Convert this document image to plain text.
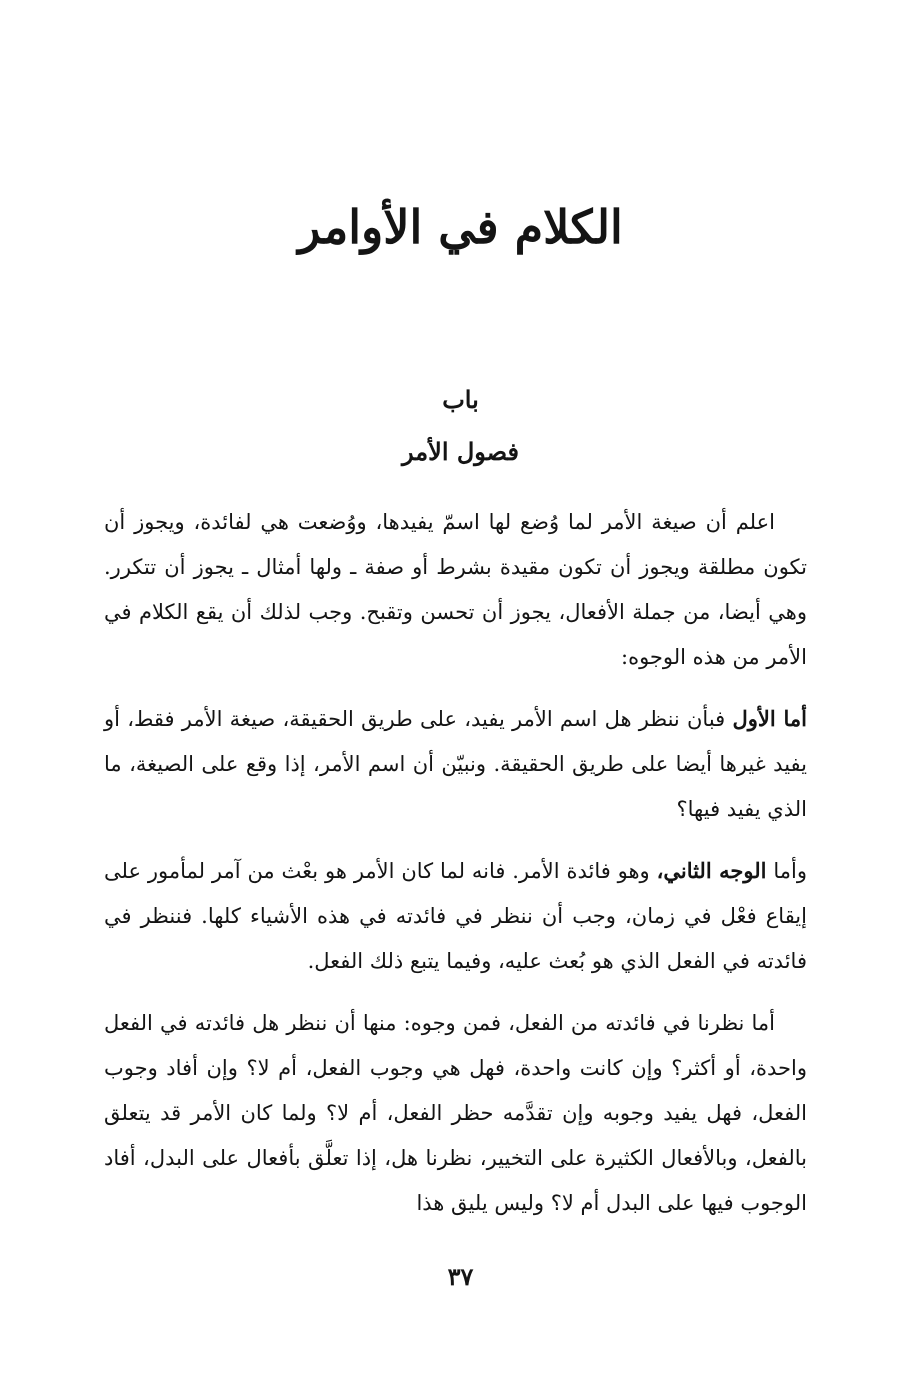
الكلام في الأوامر
باب
فصول الأمر

اعلم أن صيغة الأمر لما وُضع لها اسمّ يفيدها، ووُضعت هي لفائدة، ويجوز أن تكون مطلقة ويجوز أن تكون مقيدة بشرط أو صفة ـ ولها أمثال ـ يجوز أن تتكرر. وهي أيضا، من جملة الأفعال، يجوز أن تحسن وتقبح. وجب لذلك أن يقع الكلام في الأمر من هذه الوجوه:

أما الأول فبأن ننظر هل اسم الأمر يفيد، على طريق الحقيقة، صيغة الأمر فقط، أو يفيد غيرها أيضا على طريق الحقيقة. ونبيّن أن اسم الأمر، إذا وقع على الصيغة، ما الذي يفيد فيها؟

وأما الوجه الثاني، وهو فائدة الأمر. فانه لما كان الأمر هو بعْث من آمر لمأمور على إيقاع فعْل في زمان، وجب أن ننظر في فائدته في هذه الأشياء كلها. فننظر في فائدته في الفعل الذي هو بُعث عليه، وفيما يتبع ذلك الفعل.

أما نظرنا في فائدته من الفعل، فمن وجوه: منها أن ننظر هل فائدته في الفعل واحدة، أو أكثر؟ وإن كانت واحدة، فهل هي وجوب الفعل، أم لا؟ وإن أفاد وجوب الفعل، فهل يفيد وجوبه وإن تقدَّمه حظر الفعل، أم لا؟ ولما كان الأمر قد يتعلق بالفعل، وبالأفعال الكثيرة على التخيير، نظرنا هل، إذا تعلَّق بأفعال على البدل، أفاد الوجوب فيها على البدل أم لا؟ وليس يليق هذا

٣٧
